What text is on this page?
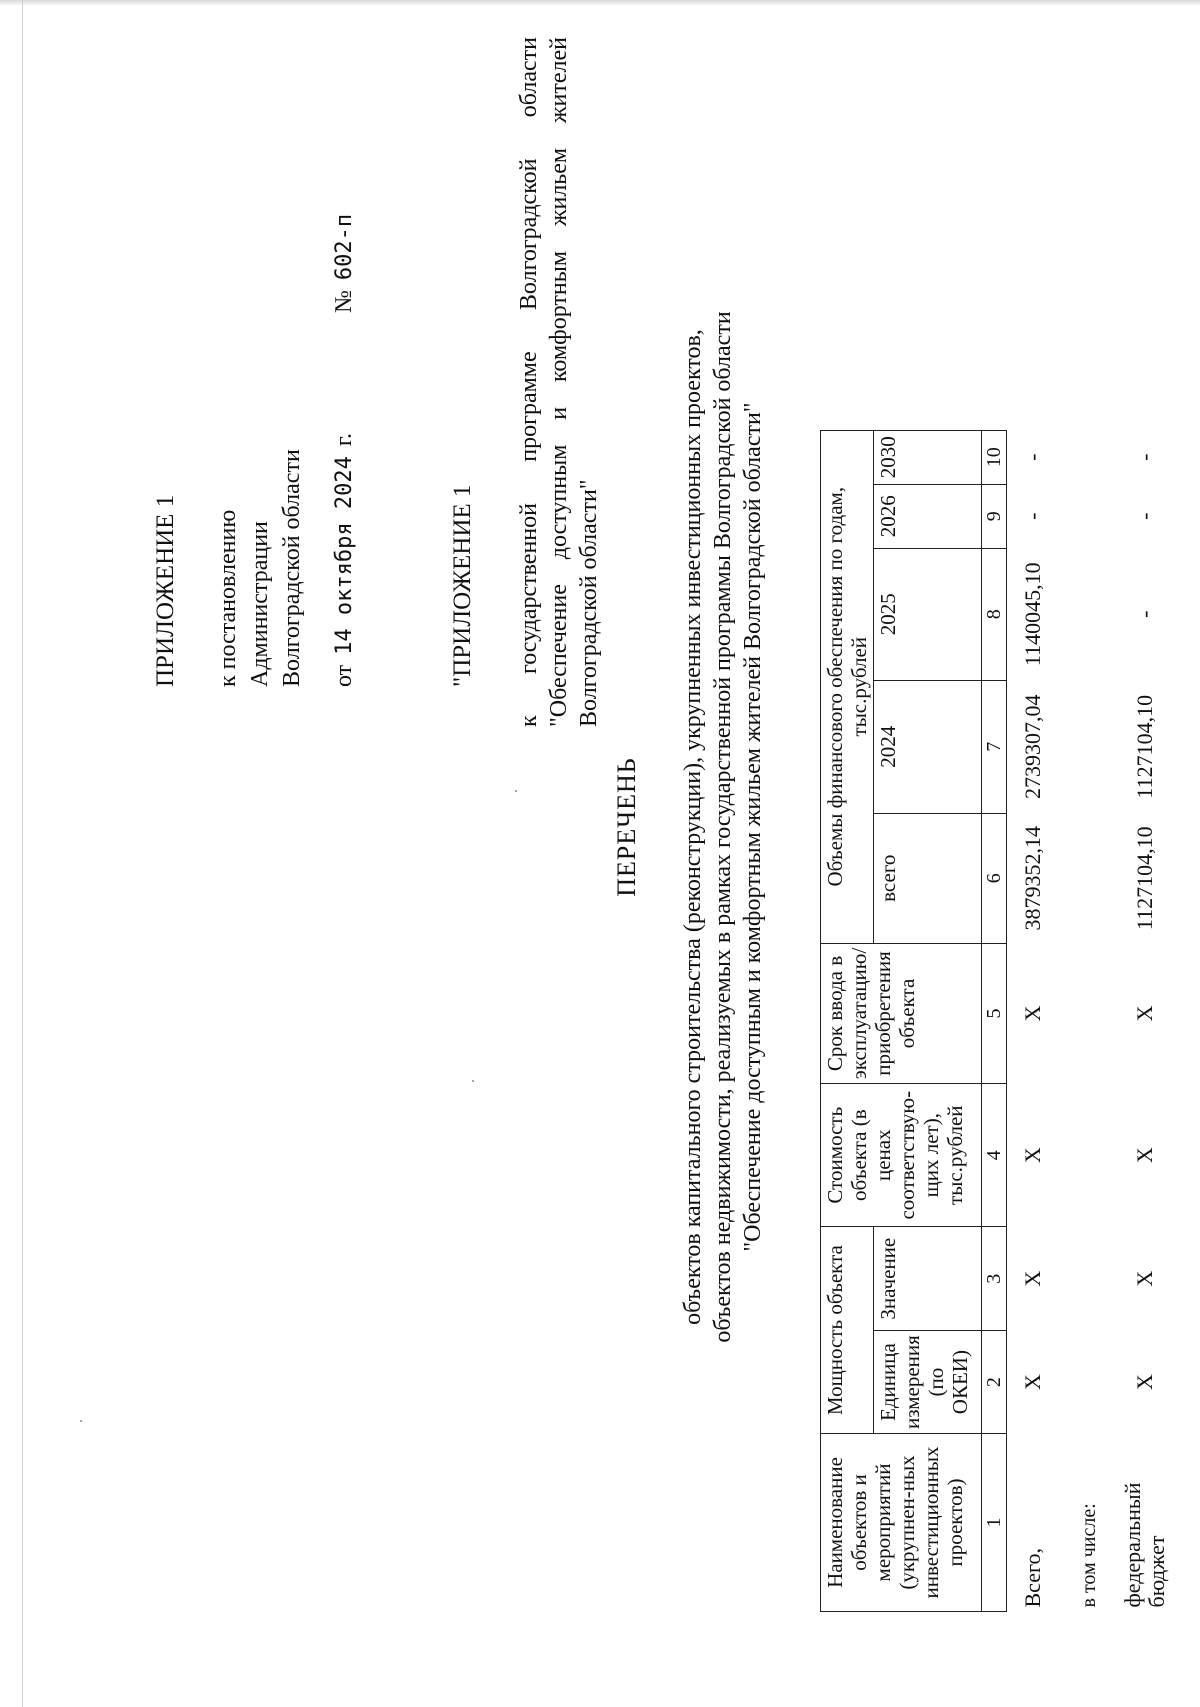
ПРИЛОЖЕНИЕ 1 к постановлению Администрации Волгоградской области от
14 октября 2024
г.
№
602-п
"ПРИЛОЖЕНИЕ 1 к государственной программе Волгоградской области "Обеспечение доступным и комфортным жильем жителей Волгоградской области"

ПЕРЕЧЕНЬ объектов капитального строительства (реконструкции), укрупненных инвестиционных проектов, объектов недвижимости, реализуемых в рамках государственной программы Волгоградской области "Обеспечение доступным и комфортным жильем жителей Волгоградской области"

Наименование объектов и мероприятий (укрупнен-ных инвестиционных проектов)	Мощность объекта		Стоимость объекта (в ценах соответствую-щих лет), тыс.рублей	Срок ввода в эксплуатацию/ приобретения объекта	Объемы финансового обеспечения по годам, тыс.рублей				
	Единица измерения (по ОКЕИ)	Значение			всего	2024	2025	2026	2030
1	2	3	4	5	6	7	8	9	10
Всего,	Х	Х	Х	Х	3879352,14	2739307,04	1140045,10	-	-
в том числе:									
федеральный бюджет	Х	Х	Х	Х	1127104,10	1127104,10	-	-	-
